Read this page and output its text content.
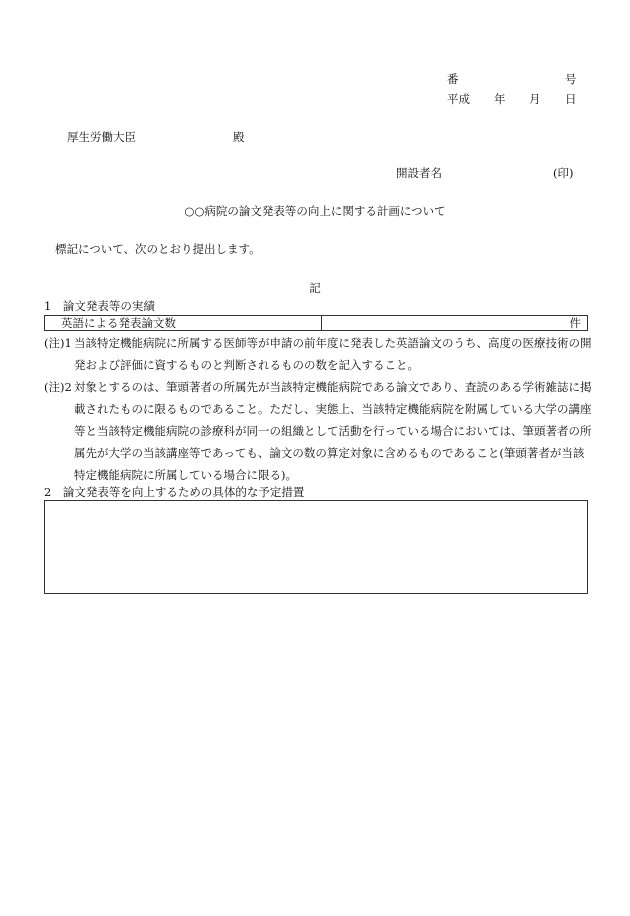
番	号
平成 年 月 日
厚生労働大臣	殿
開設者名	(印)
○○病院の論文発表等の向上に関する計画について
標記について、次のとおり提出します。
記
1　論文発表等の実績
英語による発表論文数	件
(注)1 当該特定機能病院に所属する医師等が申請の前年度に発表した英語論文のうち、高度の医療技術の開発および評価に資するものと判断されるものの数を記入すること。
(注)2 対象とするのは、筆頭著者の所属先が当該特定機能病院である論文であり、査読のある学術雑誌に掲載されたものに限るものであること。ただし、実態上、当該特定機能病院を附属している大学の講座等と当該特定機能病院の診療科が同一の組織として活動を行っている場合においては、筆頭著者の所属先が大学の当該講座等であっても、論文の数の算定対象に含めるものであること(筆頭著者が当該特定機能病院に所属している場合に限る)。
2　論文発表等を向上するための具体的な予定措置
